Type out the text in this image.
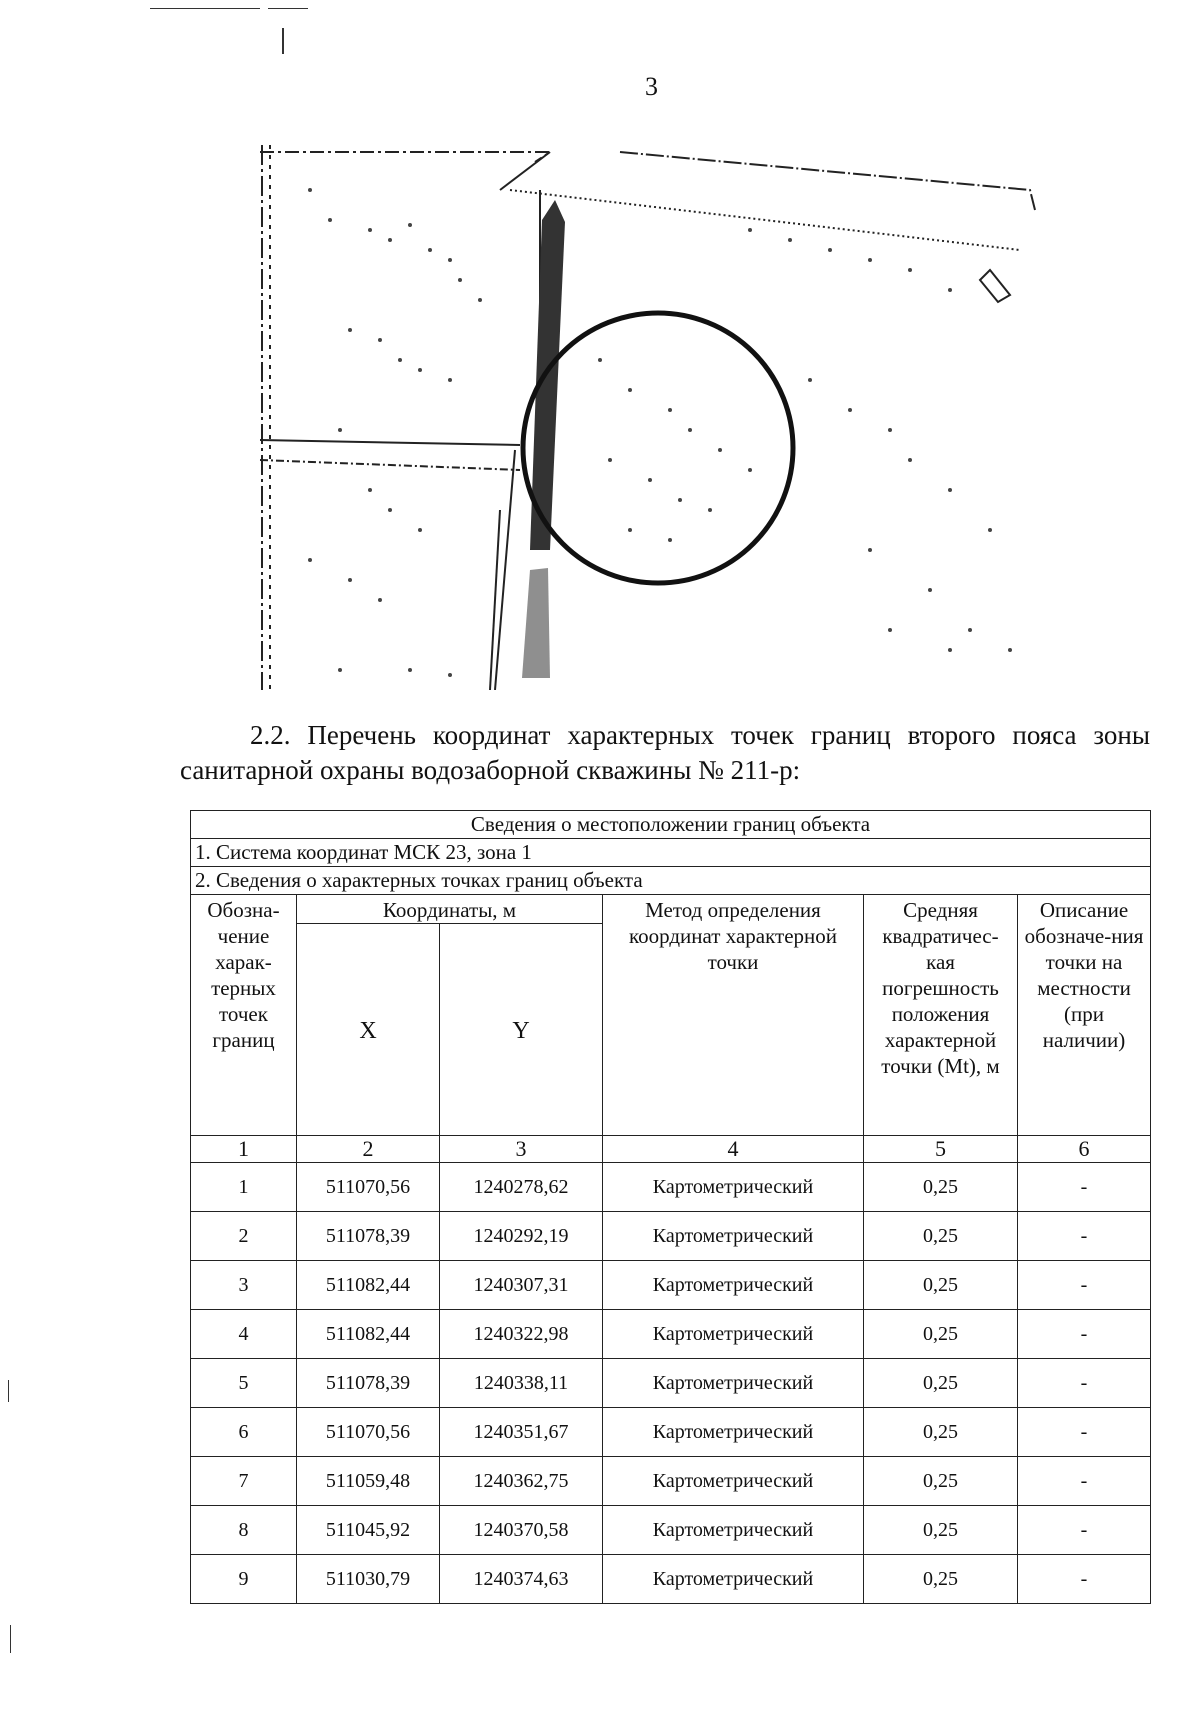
3

2.2. Перечень координат характерных точек границ второго пояса зоны
санитарной охраны водозаборной скважины № 211-р:

Сведения о местоположении границ объекта					
1. Система координат МСК 23, зона 1					
2. Сведения о характерных точках границ объекта					
Обозна-чение харак-терных точек границ	Координаты, м		Метод определения координат характерной точки	Средняя квадратичес-кая погрешность положения характерной точки (Mt), м	Описание обозначе-ния точки на местности (при наличии)
	X	Y			
1	2	3	4	5	6
1	511070,56	1240278,62	Картометрический	0,25	-
2	511078,39	1240292,19	Картометрический	0,25	-
3	511082,44	1240307,31	Картометрический	0,25	-
4	511082,44	1240322,98	Картометрический	0,25	-
5	511078,39	1240338,11	Картометрический	0,25	-
6	511070,56	1240351,67	Картометрический	0,25	-
7	511059,48	1240362,75	Картометрический	0,25	-
8	511045,92	1240370,58	Картометрический	0,25	-
9	511030,79	1240374,63	Картометрический	0,25	-
